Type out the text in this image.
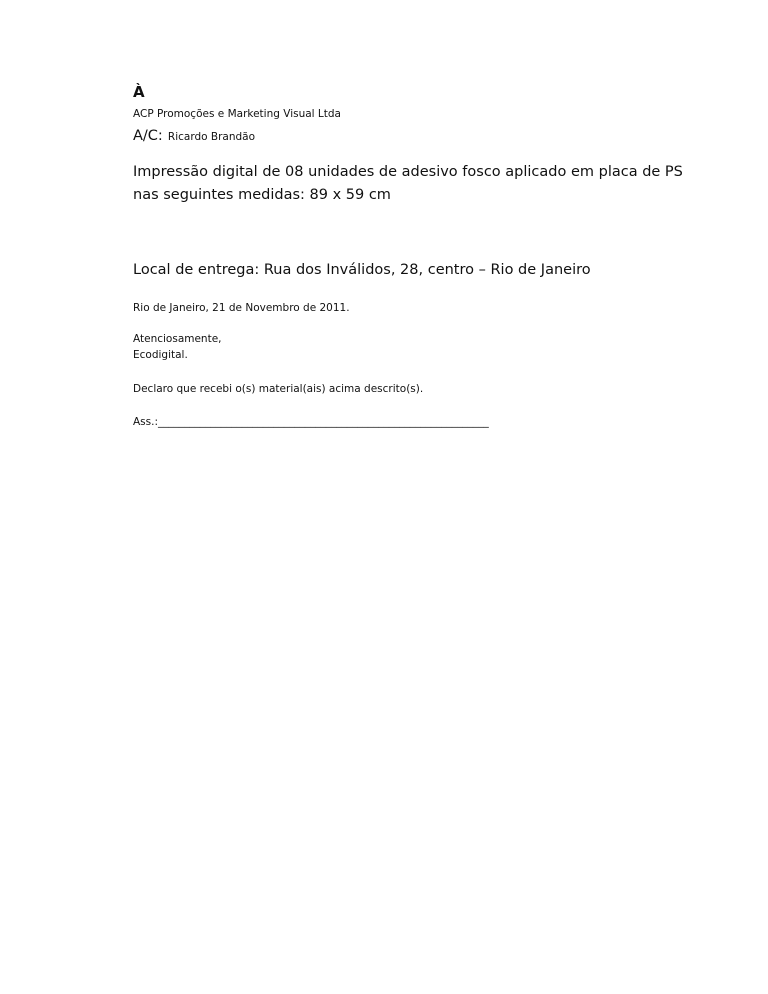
À
ACP Promoções e Marketing Visual Ltda
A/C: Ricardo Brandão
Impressão digital de 08 unidades de adesivo fosco aplicado em placa de PS
nas seguintes medidas: 89 x 59 cm
Local de entrega: Rua dos Inválidos, 28, centro – Rio de Janeiro
Rio de Janeiro, 21 de Novembro de 2011.
Atenciosamente,
Ecodigital.
Declaro que recebi o(s) material(ais) acima descrito(s).
Ass.:_______________________________________________________________
